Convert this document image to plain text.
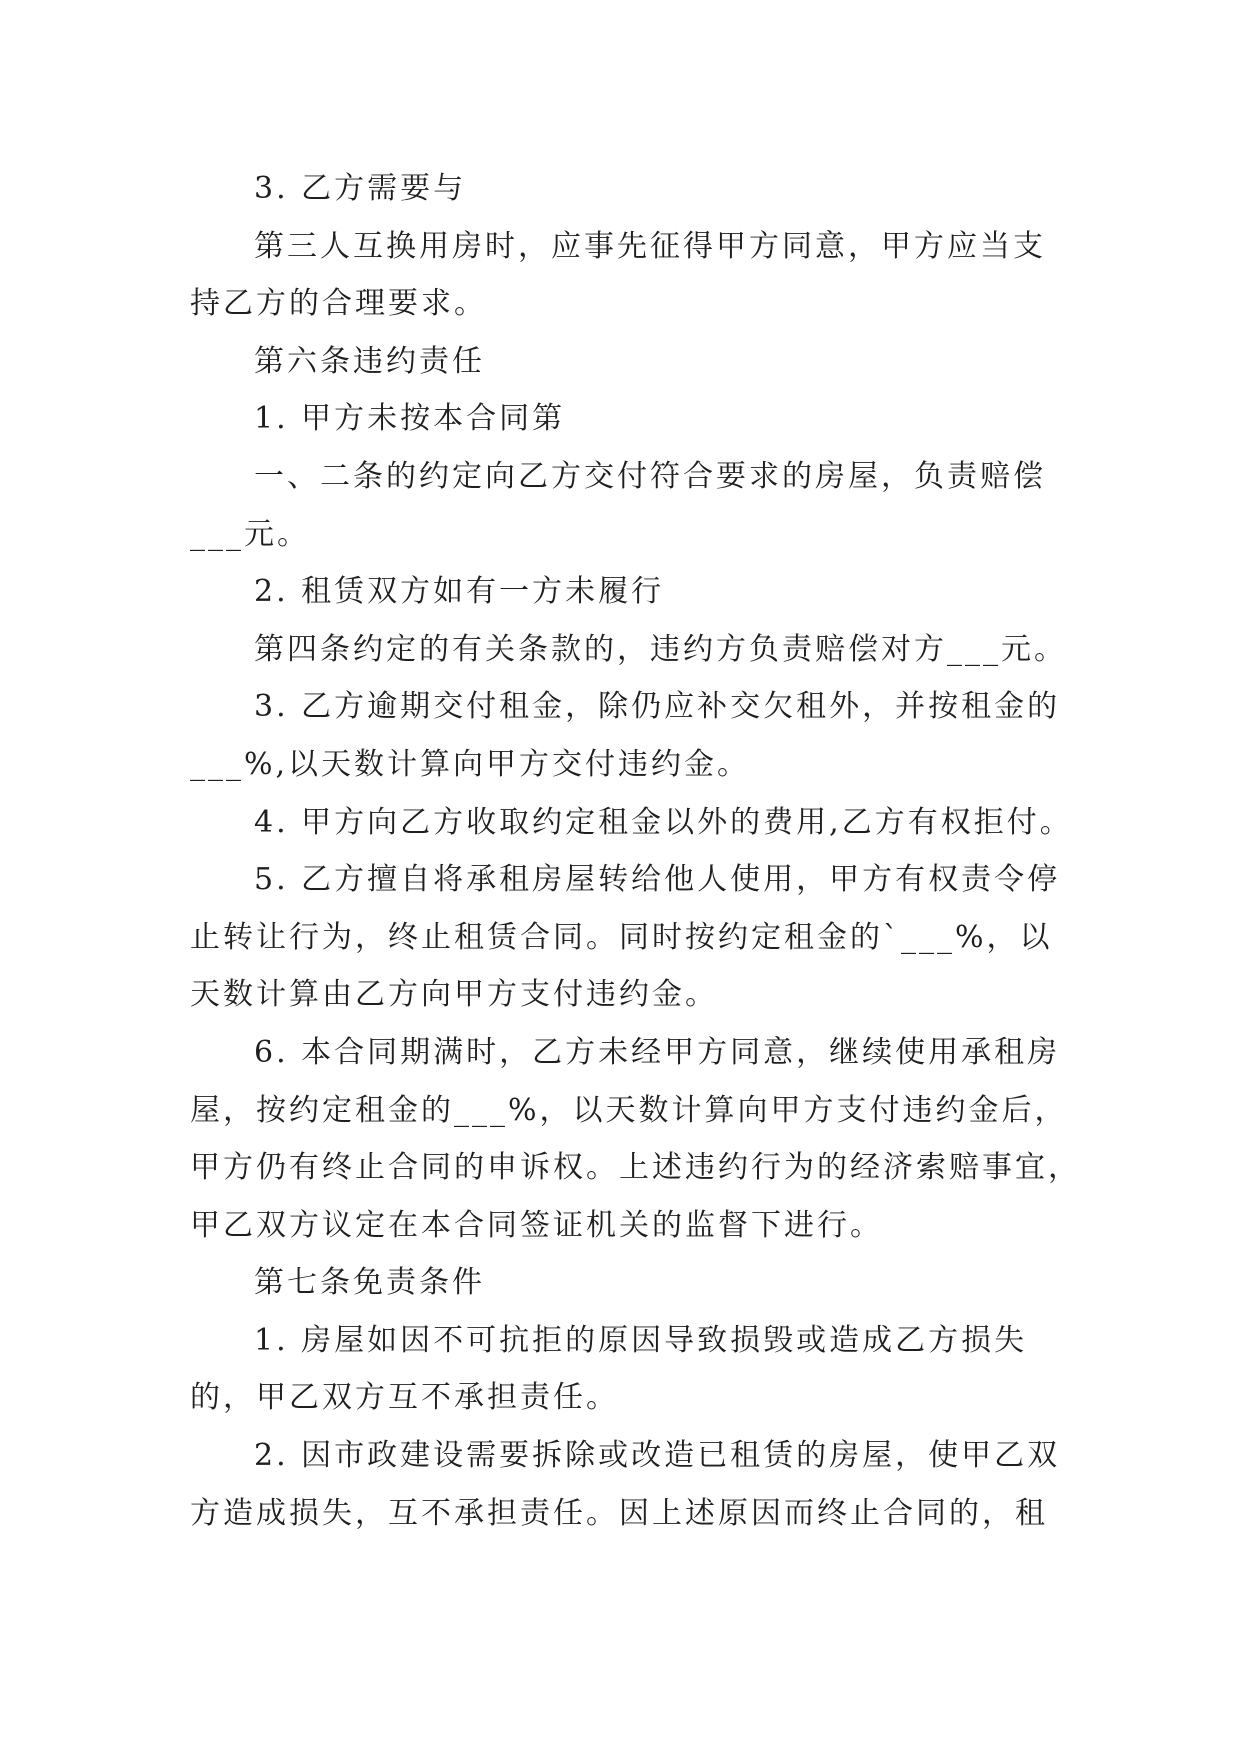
3. 乙方需要与
第三人互换用房时，应事先征得甲方同意，甲方应当支
持乙方的合理要求。
第六条违约责任
1. 甲方未按本合同第
一、二条的约定向乙方交付符合要求的房屋，负责赔偿
___元。
2. 租赁双方如有一方未履行
第四条约定的有关条款的，违约方负责赔偿对方___元。
3. 乙方逾期交付租金，除仍应补交欠租外，并按租金的
___%,以天数计算向甲方交付违约金。
4. 甲方向乙方收取约定租金以外的费用,乙方有权拒付。
5. 乙方擅自将承租房屋转给他人使用，甲方有权责令停
止转让行为，终止租赁合同。同时按约定租金的`___%，以
天数计算由乙方向甲方支付违约金。
6. 本合同期满时，乙方未经甲方同意，继续使用承租房
屋，按约定租金的___%，以天数计算向甲方支付违约金后，
甲方仍有终止合同的申诉权。上述违约行为的经济索赔事宜，
甲乙双方议定在本合同签证机关的监督下进行。
第七条免责条件
1. 房屋如因不可抗拒的原因导致损毁或造成乙方损失
的，甲乙双方互不承担责任。
2. 因市政建设需要拆除或改造已租赁的房屋，使甲乙双
方造成损失，互不承担责任。因上述原因而终止合同的，租
